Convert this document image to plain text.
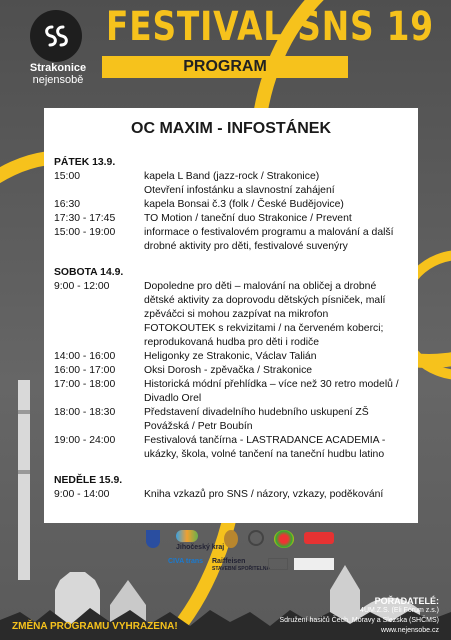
Strakonice
nejensobě
FESTIVAL SNS 19
PROGRAM
OC MAXIM - INFOSTÁNEK
PÁTEK 13.9.
15:00	kapela L Band (jazz-rock / Strakonice)
Otevření infostánku a slavnostní zahájení
16:30	kapela Bonsai č.3 (folk / České Budějovice)
17:30 - 17:45	TO Motion / taneční duo Strakonice / Prevent
15:00 - 19:00	informace o festivalovém programu a malování a další
drobné aktivity pro děti, festivalové suvenýry
SOBOTA 14.9.
9:00 - 12:00	Dopoledne pro děti – malování na obličej a drobné
dětské aktivity za doprovodu dětských písniček, malí
zpěváčci si mohou zazpívat na mikrofon
FOTOKOUTEK s rekvizitami / na červeném koberci;
reprodukovaná hudba pro děti i rodiče
14:00 - 16:00	Heligonky ze Strakonic, Václav Talián
16:00 - 17:00	Oksi Dorosh - zpěvačka / Strakonice
17:00 - 18:00	Historická módní přehlídka – více než 30 retro modelů /
Divadlo Orel
18:00 - 18:30	Představení divadelního hudebního uskupení ZŠ
Povážská / Petr Boubín
19:00 - 24:00	Festivalová tančírna - LASTRADANCE ACADEMIA -
ukázky, škola, volné tančení na taneční hudbu latino
NEDĚLE 15.9.
9:00 - 14:00	Kniha vzkazů pro SNS / názory, vzkazy, poděkování
Jihočeský kraj
CIVA trans Raiffeisen
STAVEBNÍ SPOŘITELNA
POŘADATELÉ:
4UM.Z.S. (Eli Fórum z.s.)
Sdružení hasičů Čech, Moravy a Slezska (SHČMS)
www.nejensobe.cz
ZMĚNA PROGRAMU VYHRAZENA!
